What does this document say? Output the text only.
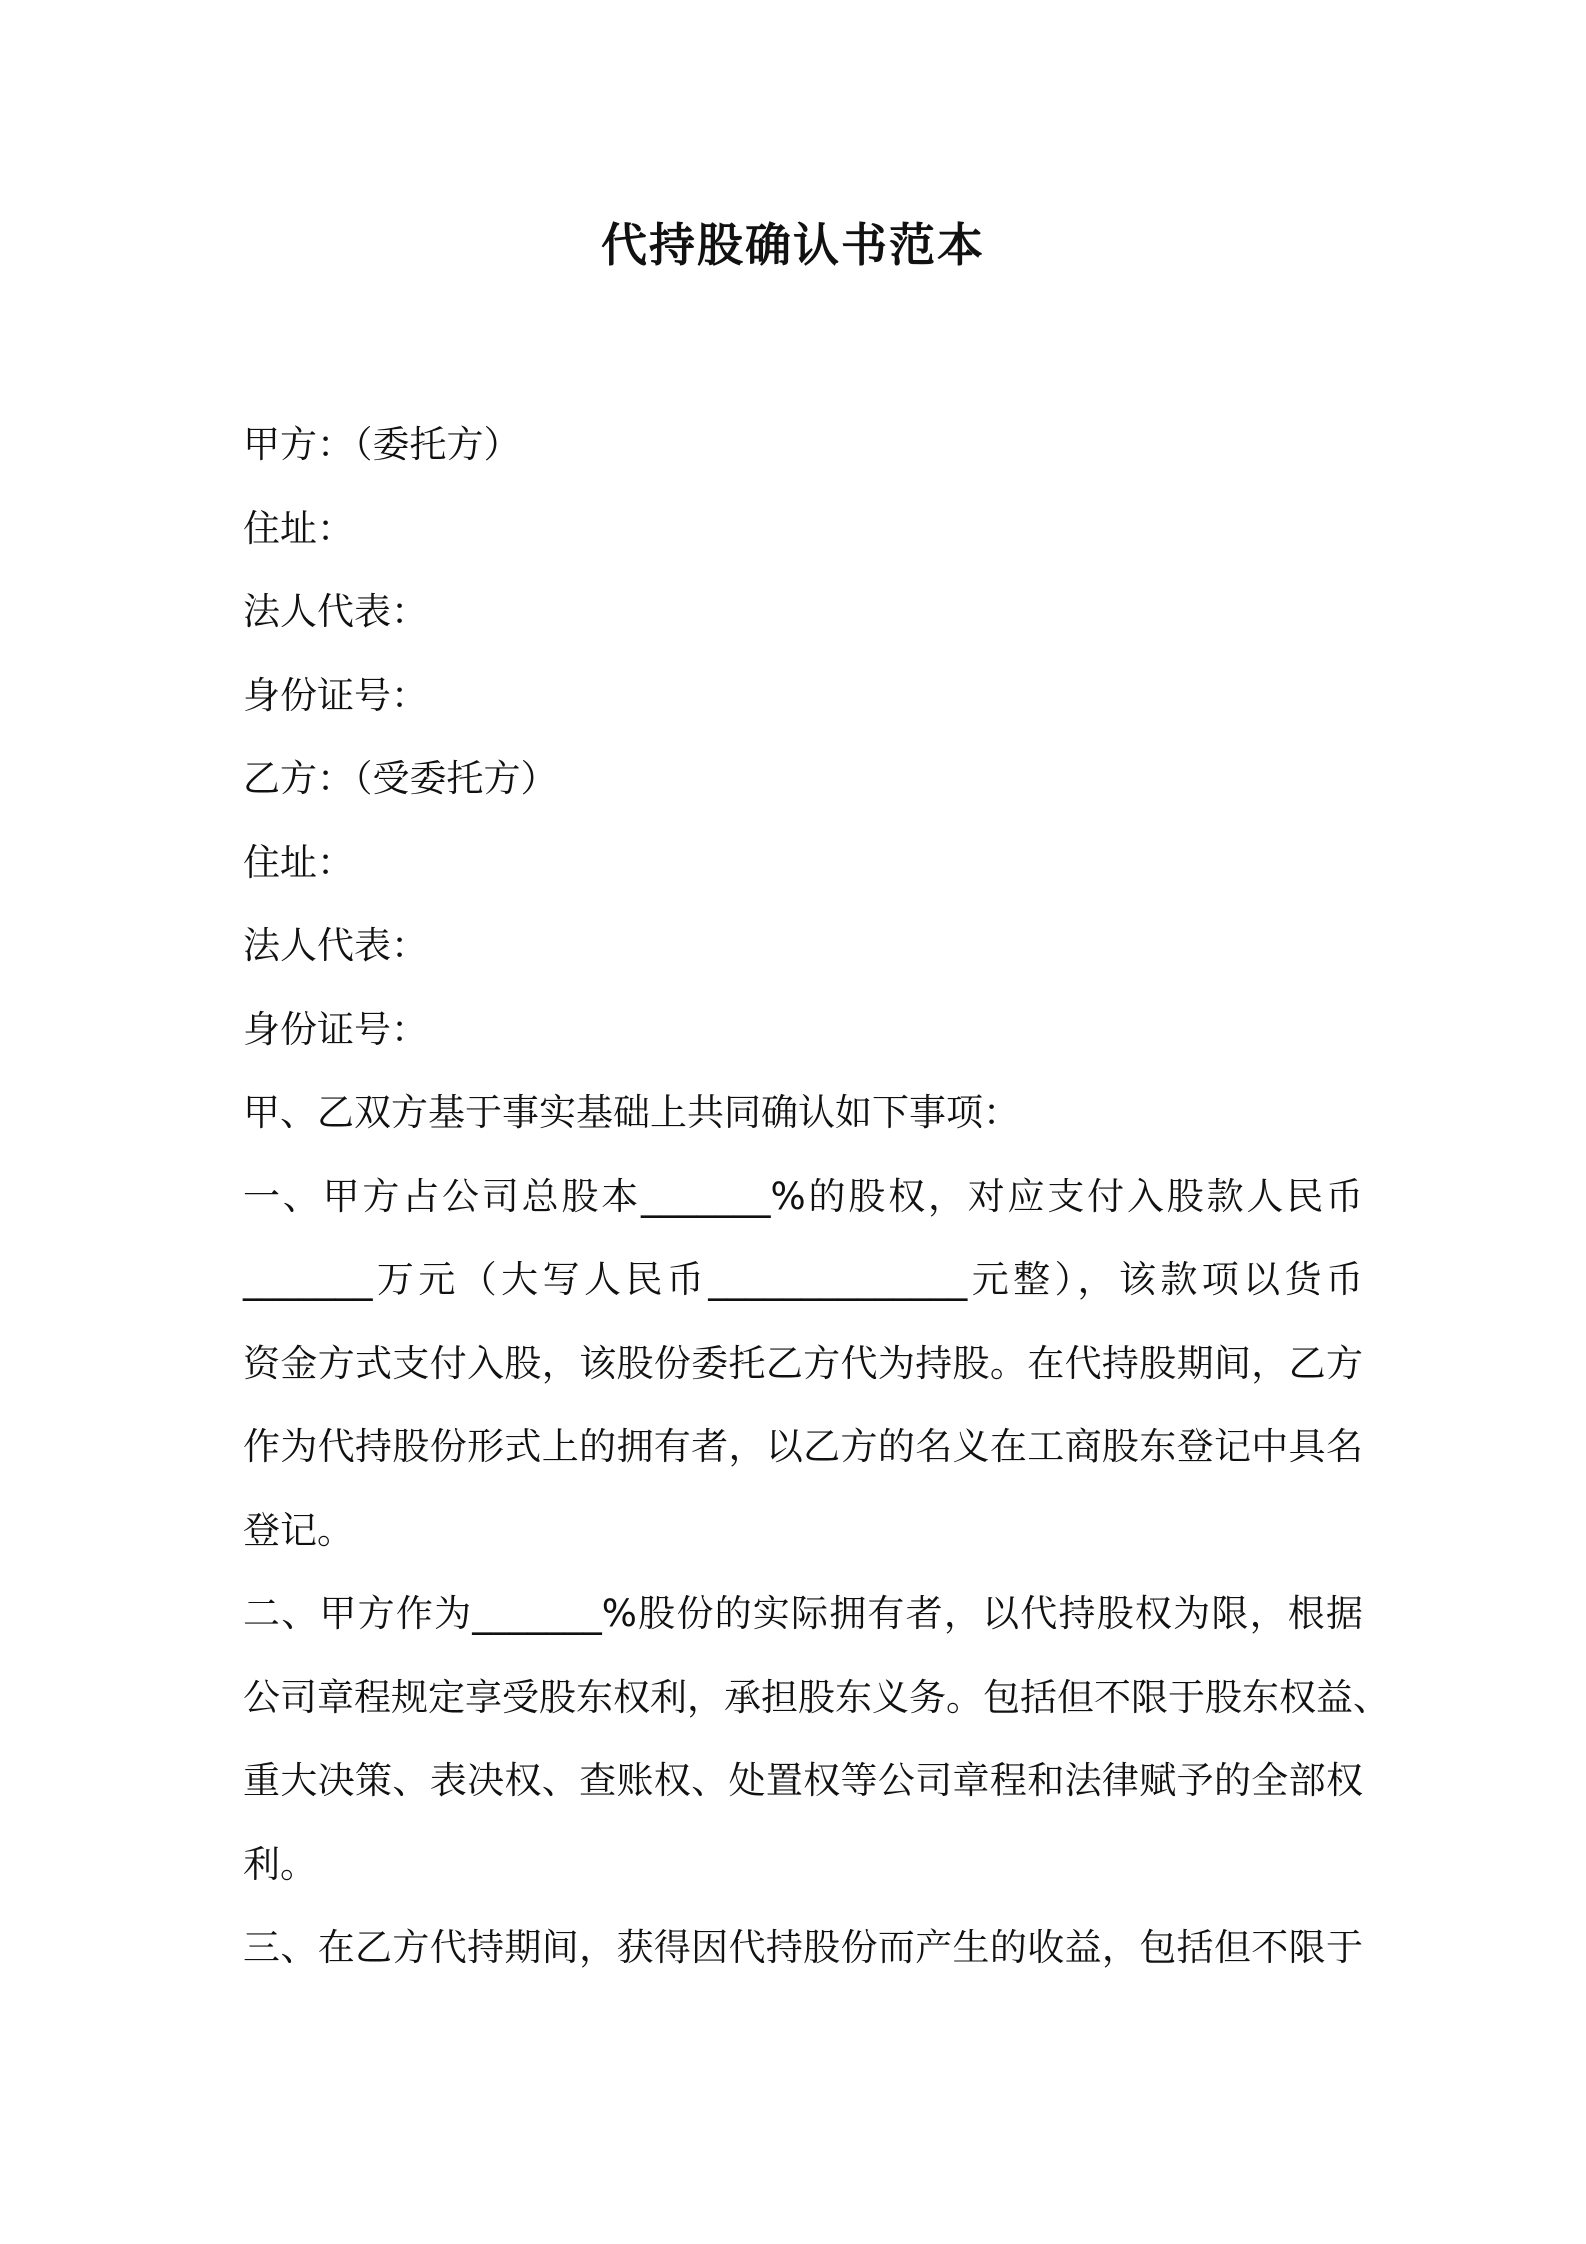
代持股确认书范本
甲方：（委托方）
住址：
法人代表：
身份证号：
乙方：（受委托方）
住址：
法人代表：
身份证号：
甲、乙双方基于事实基础上共同确认如下事项：
一、甲方占公司总股本_______%的股权，对应支付入股款人民币
_______万元（大写人民币______________元整），该款项以货币
资金方式支付入股，该股份委托乙方代为持股。在代持股期间，乙方
作为代持股份形式上的拥有者，以乙方的名义在工商股东登记中具名
登记。
二、甲方作为_______%股份的实际拥有者，以代持股权为限，根据
公司章程规定享受股东权利，承担股东义务。包括但不限于股东权益、
重大决策、表决权、查账权、处置权等公司章程和法律赋予的全部权
利。
三、在乙方代持期间，获得因代持股份而产生的收益，包括但不限于
